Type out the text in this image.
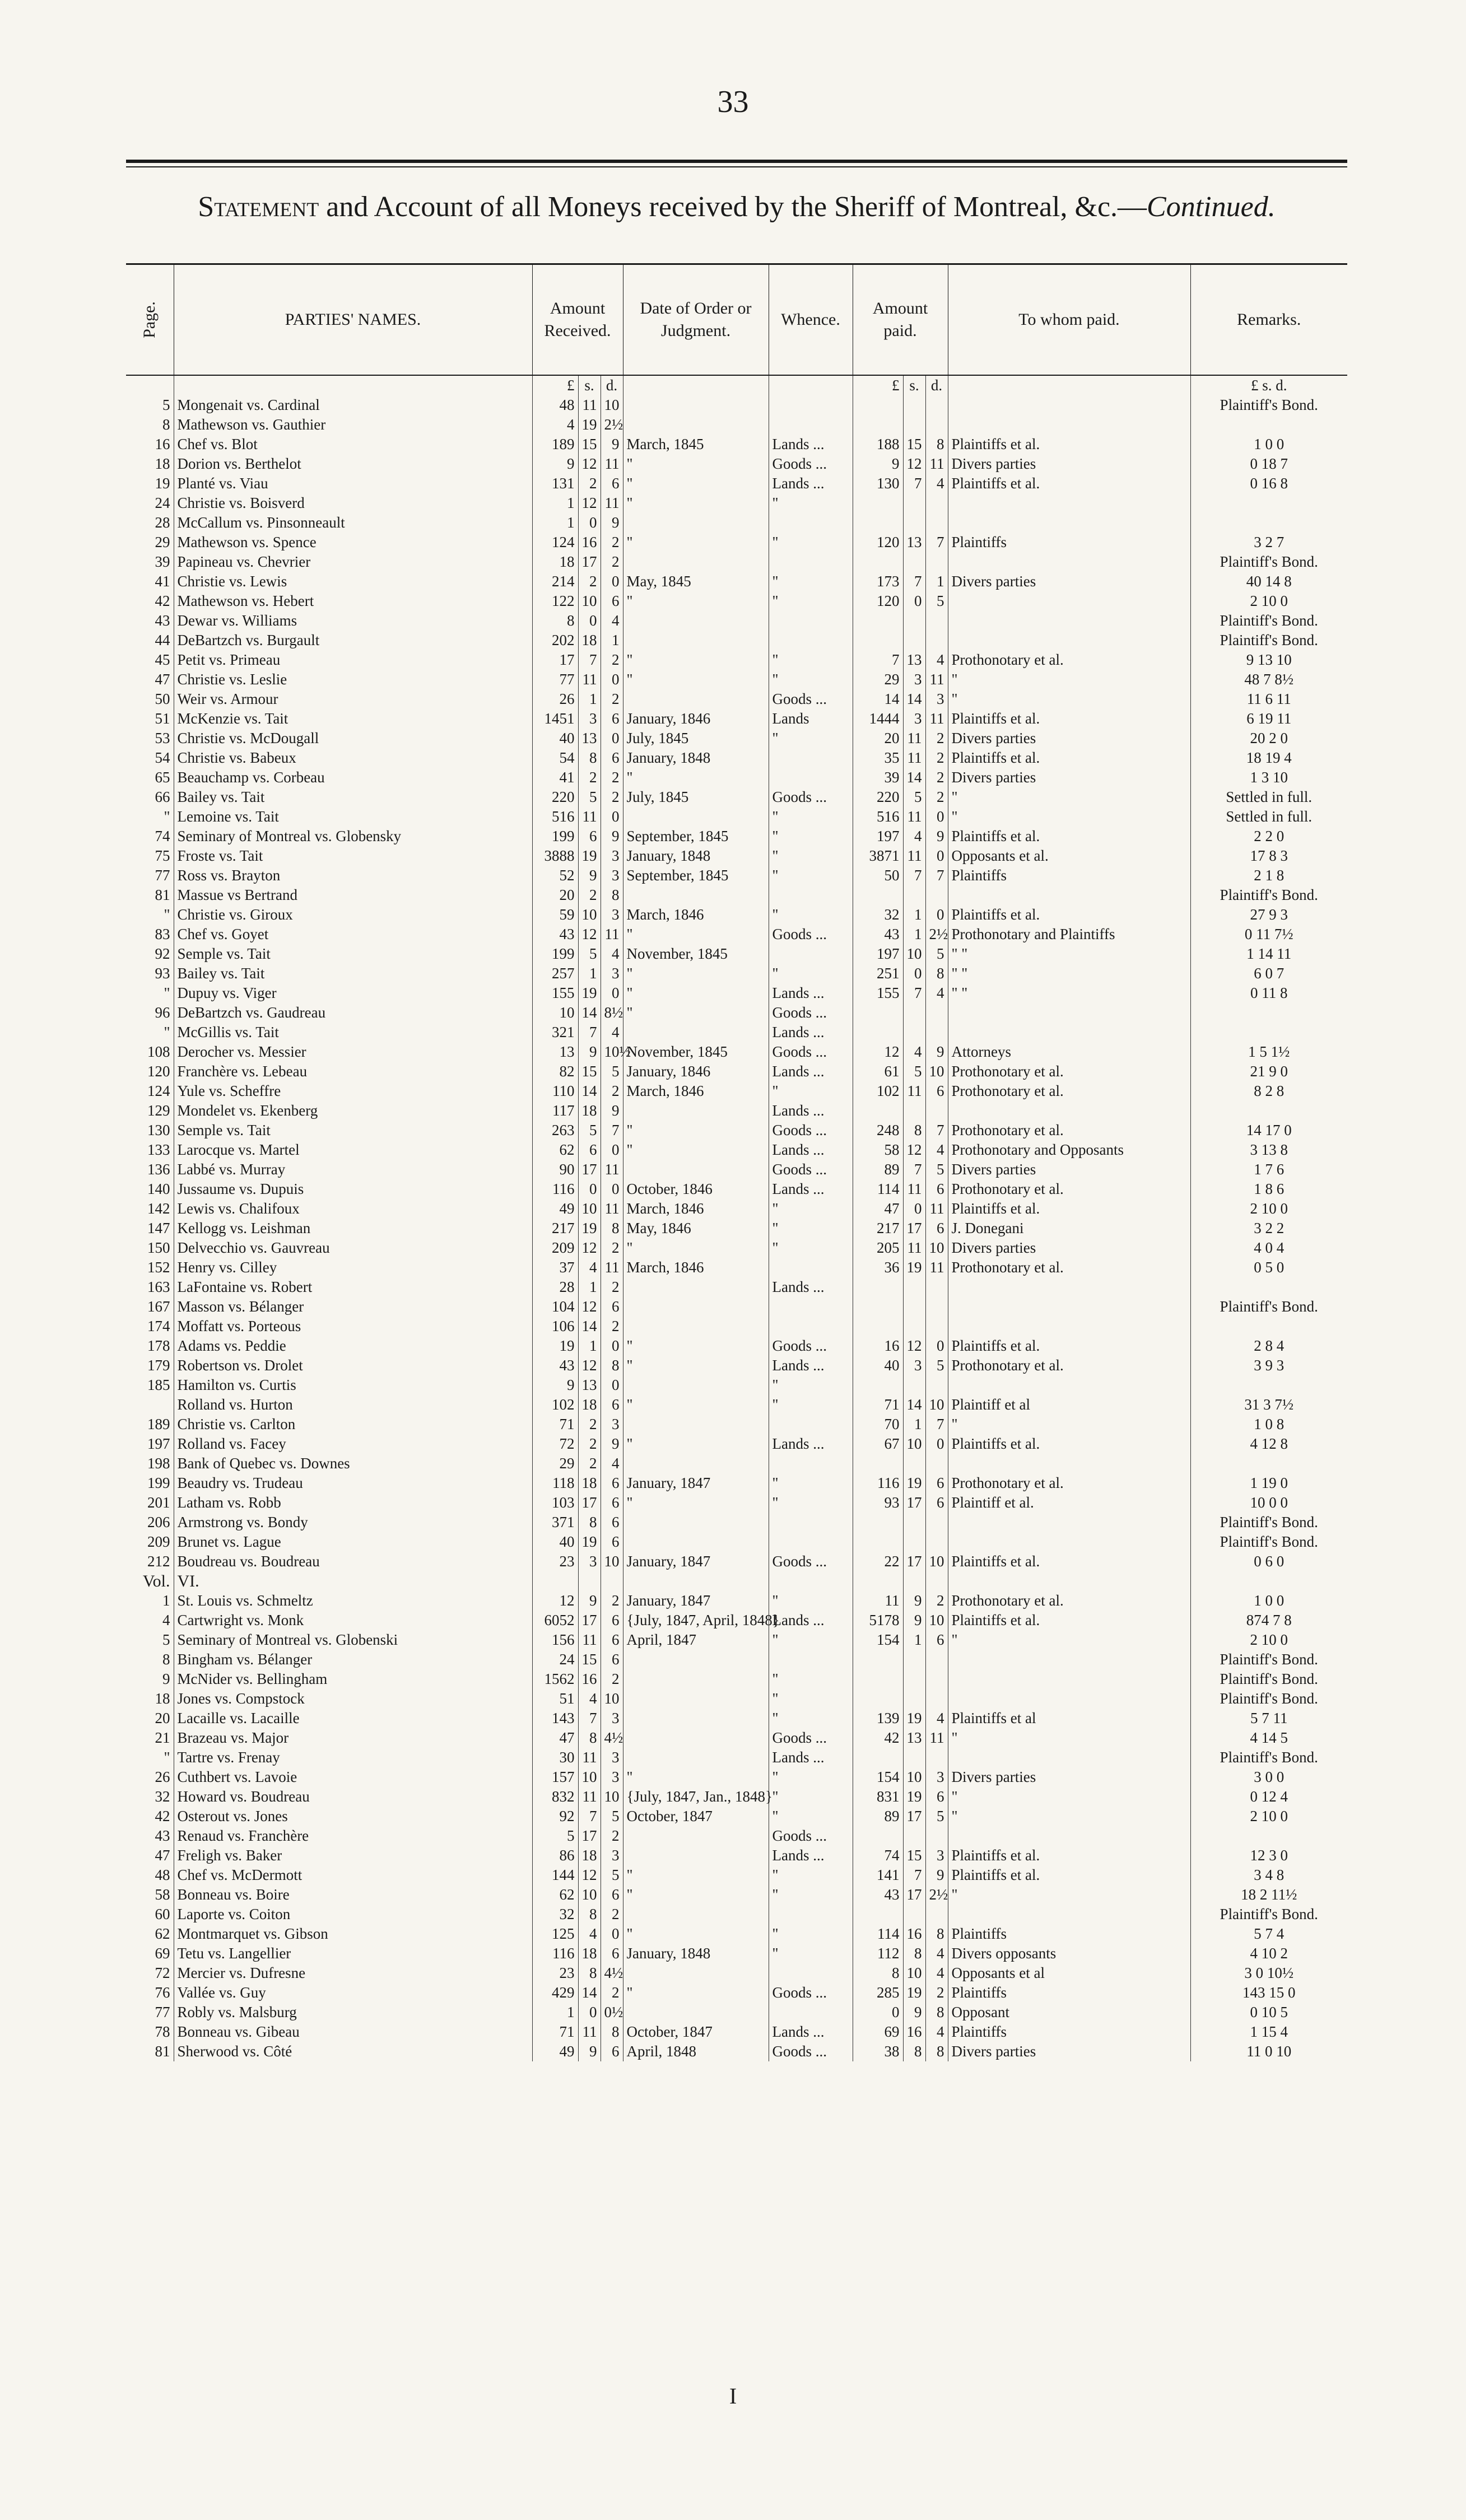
33
Statement and Account of all Moneys received by the Sheriff of Montreal, &c.—Continued.
Page.	PARTIES' NAMES.	Amount Received.			Date of Order or Judgment.	Whence.	Amount paid.			To whom paid.	Remarks.
		£	s.	d.			£	s.	d.		£ s. d.
5	Mongenait vs. Cardinal	48	11	10							Plaintiff's Bond.
8	Mathewson vs. Gauthier	4	19	2½							
16	Chef vs. Blot	189	15	9	March, 1845	Lands ...	188	15	8	Plaintiffs et al.	1 0 0
18	Dorion vs. Berthelot	9	12	11	"	Goods ...	9	12	11	Divers parties	0 18 7
19	Planté vs. Viau	131	2	6	"	Lands ...	130	7	4	Plaintiffs et al.	0 16 8
24	Christie vs. Boisverd	1	12	11	"	"					
28	McCallum vs. Pinsonneault	1	0	9							
29	Mathewson vs. Spence	124	16	2	"	"	120	13	7	Plaintiffs	3 2 7
39	Papineau vs. Chevrier	18	17	2							Plaintiff's Bond.
41	Christie vs. Lewis	214	2	0	May, 1845	"	173	7	1	Divers parties	40 14 8
42	Mathewson vs. Hebert	122	10	6	"	"	120	0	5		2 10 0
43	Dewar vs. Williams	8	0	4							Plaintiff's Bond.
44	DeBartzch vs. Burgault	202	18	1							Plaintiff's Bond.
45	Petit vs. Primeau	17	7	2	"	"	7	13	4	Prothonotary et al.	9 13 10
47	Christie vs. Leslie	77	11	0	"	"	29	3	11	"	48 7 8½
50	Weir vs. Armour	26	1	2		Goods ...	14	14	3	"	11 6 11
51	McKenzie vs. Tait	1451	3	6	January, 1846	Lands	1444	3	11	Plaintiffs et al.	6 19 11
53	Christie vs. McDougall	40	13	0	July, 1845	"	20	11	2	Divers parties	20 2 0
54	Christie vs. Babeux	54	8	6	January, 1848		35	11	2	Plaintiffs et al.	18 19 4
65	Beauchamp vs. Corbeau	41	2	2	"		39	14	2	Divers parties	1 3 10
66	Bailey vs. Tait	220	5	2	July, 1845	Goods ...	220	5	2	"	Settled in full.
"	Lemoine vs. Tait	516	11	0		"	516	11	0	"	Settled in full.
74	Seminary of Montreal vs. Globensky	199	6	9	September, 1845	"	197	4	9	Plaintiffs et al.	2 2 0
75	Froste vs. Tait	3888	19	3	January, 1848	"	3871	11	0	Opposants et al.	17 8 3
77	Ross vs. Brayton	52	9	3	September, 1845	"	50	7	7	Plaintiffs	2 1 8
81	Massue vs Bertrand	20	2	8							Plaintiff's Bond.
"	Christie vs. Giroux	59	10	3	March, 1846	"	32	1	0	Plaintiffs et al.	27 9 3
83	Chef vs. Goyet	43	12	11	"	Goods ...	43	1	2½	Prothonotary and Plaintiffs	0 11 7½
92	Semple vs. Tait	199	5	4	November, 1845		197	10	5	" "	1 14 11
93	Bailey vs. Tait	257	1	3	"	"	251	0	8	" "	6 0 7
"	Dupuy vs. Viger	155	19	0	"	Lands ...	155	7	4	" "	0 11 8
96	DeBartzch vs. Gaudreau	10	14	8½	"	Goods ...					
"	McGillis vs. Tait	321	7	4		Lands ...					
108	Derocher vs. Messier	13	9	10½	November, 1845	Goods ...	12	4	9	Attorneys	1 5 1½
120	Franchère vs. Lebeau	82	15	5	January, 1846	Lands ...	61	5	10	Prothonotary et al.	21 9 0
124	Yule vs. Scheffre	110	14	2	March, 1846	"	102	11	6	Prothonotary et al.	8 2 8
129	Mondelet vs. Ekenberg	117	18	9		Lands ...					
130	Semple vs. Tait	263	5	7	"	Goods ...	248	8	7	Prothonotary et al.	14 17 0
133	Larocque vs. Martel	62	6	0	"	Lands ...	58	12	4	Prothonotary and Opposants	3 13 8
136	Labbé vs. Murray	90	17	11		Goods ...	89	7	5	Divers parties	1 7 6
140	Jussaume vs. Dupuis	116	0	0	October, 1846	Lands ...	114	11	6	Prothonotary et al.	1 8 6
142	Lewis vs. Chalifoux	49	10	11	March, 1846	"	47	0	11	Plaintiffs et al.	2 10 0
147	Kellogg vs. Leishman	217	19	8	May, 1846	"	217	17	6	J. Donegani	3 2 2
150	Delvecchio vs. Gauvreau	209	12	2	"	"	205	11	10	Divers parties	4 0 4
152	Henry vs. Cilley	37	4	11	March, 1846		36	19	11	Prothonotary et al.	0 5 0
163	LaFontaine vs. Robert	28	1	2		Lands ...					
167	Masson vs. Bélanger	104	12	6							Plaintiff's Bond.
174	Moffatt vs. Porteous	106	14	2							
178	Adams vs. Peddie	19	1	0	"	Goods ...	16	12	0	Plaintiffs et al.	2 8 4
179	Robertson vs. Drolet	43	12	8	"	Lands ...	40	3	5	Prothonotary et al.	3 9 3
185	Hamilton vs. Curtis	9	13	0		"					
	Rolland vs. Hurton	102	18	6	"	"	71	14	10	Plaintiff et al	31 3 7½
189	Christie vs. Carlton	71	2	3			70	1	7	"	1 0 8
197	Rolland vs. Facey	72	2	9	"	Lands ...	67	10	0	Plaintiffs et al.	4 12 8
198	Bank of Quebec vs. Downes	29	2	4							
199	Beaudry vs. Trudeau	118	18	6	January, 1847	"	116	19	6	Prothonotary et al.	1 19 0
201	Latham vs. Robb	103	17	6	"	"	93	17	6	Plaintiff et al.	10 0 0
206	Armstrong vs. Bondy	371	8	6							Plaintiff's Bond.
209	Brunet vs. Lague	40	19	6							Plaintiff's Bond.
212	Boudreau vs. Boudreau	23	3	10	January, 1847	Goods ...	22	17	10	Plaintiffs et al.	0 6 0
Vol.	VI.										
1	St. Louis vs. Schmeltz	12	9	2	January, 1847	"	11	9	2	Prothonotary et al.	1 0 0
4	Cartwright vs. Monk	6052	17	6	{July, 1847, April, 1848}	Lands ...	5178	9	10	Plaintiffs et al.	874 7 8
5	Seminary of Montreal vs. Globenski	156	11	6	April, 1847	"	154	1	6	"	2 10 0
8	Bingham vs. Bélanger	24	15	6							Plaintiff's Bond.
9	McNider vs. Bellingham	1562	16	2		"					Plaintiff's Bond.
18	Jones vs. Compstock	51	4	10		"					Plaintiff's Bond.
20	Lacaille vs. Lacaille	143	7	3		"	139	19	4	Plaintiffs et al	5 7 11
21	Brazeau vs. Major	47	8	4½		Goods ...	42	13	11	"	4 14 5
"	Tartre vs. Frenay	30	11	3		Lands ...					Plaintiff's Bond.
26	Cuthbert vs. Lavoie	157	10	3	"	"	154	10	3	Divers parties	3 0 0
32	Howard vs. Boudreau	832	11	10	{July, 1847, Jan., 1848}	"	831	19	6	"	0 12 4
42	Osterout vs. Jones	92	7	5	October, 1847	"	89	17	5	"	2 10 0
43	Renaud vs. Franchère	5	17	2		Goods ...					
47	Freligh vs. Baker	86	18	3		Lands ...	74	15	3	Plaintiffs et al.	12 3 0
48	Chef vs. McDermott	144	12	5	"	"	141	7	9	Plaintiffs et al.	3 4 8
58	Bonneau vs. Boire	62	10	6	"	"	43	17	2½	"	18 2 11½
60	Laporte vs. Coiton	32	8	2							Plaintiff's Bond.
62	Montmarquet vs. Gibson	125	4	0	"	"	114	16	8	Plaintiffs	5 7 4
69	Tetu vs. Langellier	116	18	6	January, 1848	"	112	8	4	Divers opposants	4 10 2
72	Mercier vs. Dufresne	23	8	4½			8	10	4	Opposants et al	3 0 10½
76	Vallée vs. Guy	429	14	2	"	Goods ...	285	19	2	Plaintiffs	143 15 0
77	Robly vs. Malsburg	1	0	0½			0	9	8	Opposant	0 10 5
78	Bonneau vs. Gibeau	71	11	8	October, 1847	Lands ...	69	16	4	Plaintiffs	1 15 4
81	Sherwood vs. Côté	49	9	6	April, 1848	Goods ...	38	8	8	Divers parties	11 0 10
I
